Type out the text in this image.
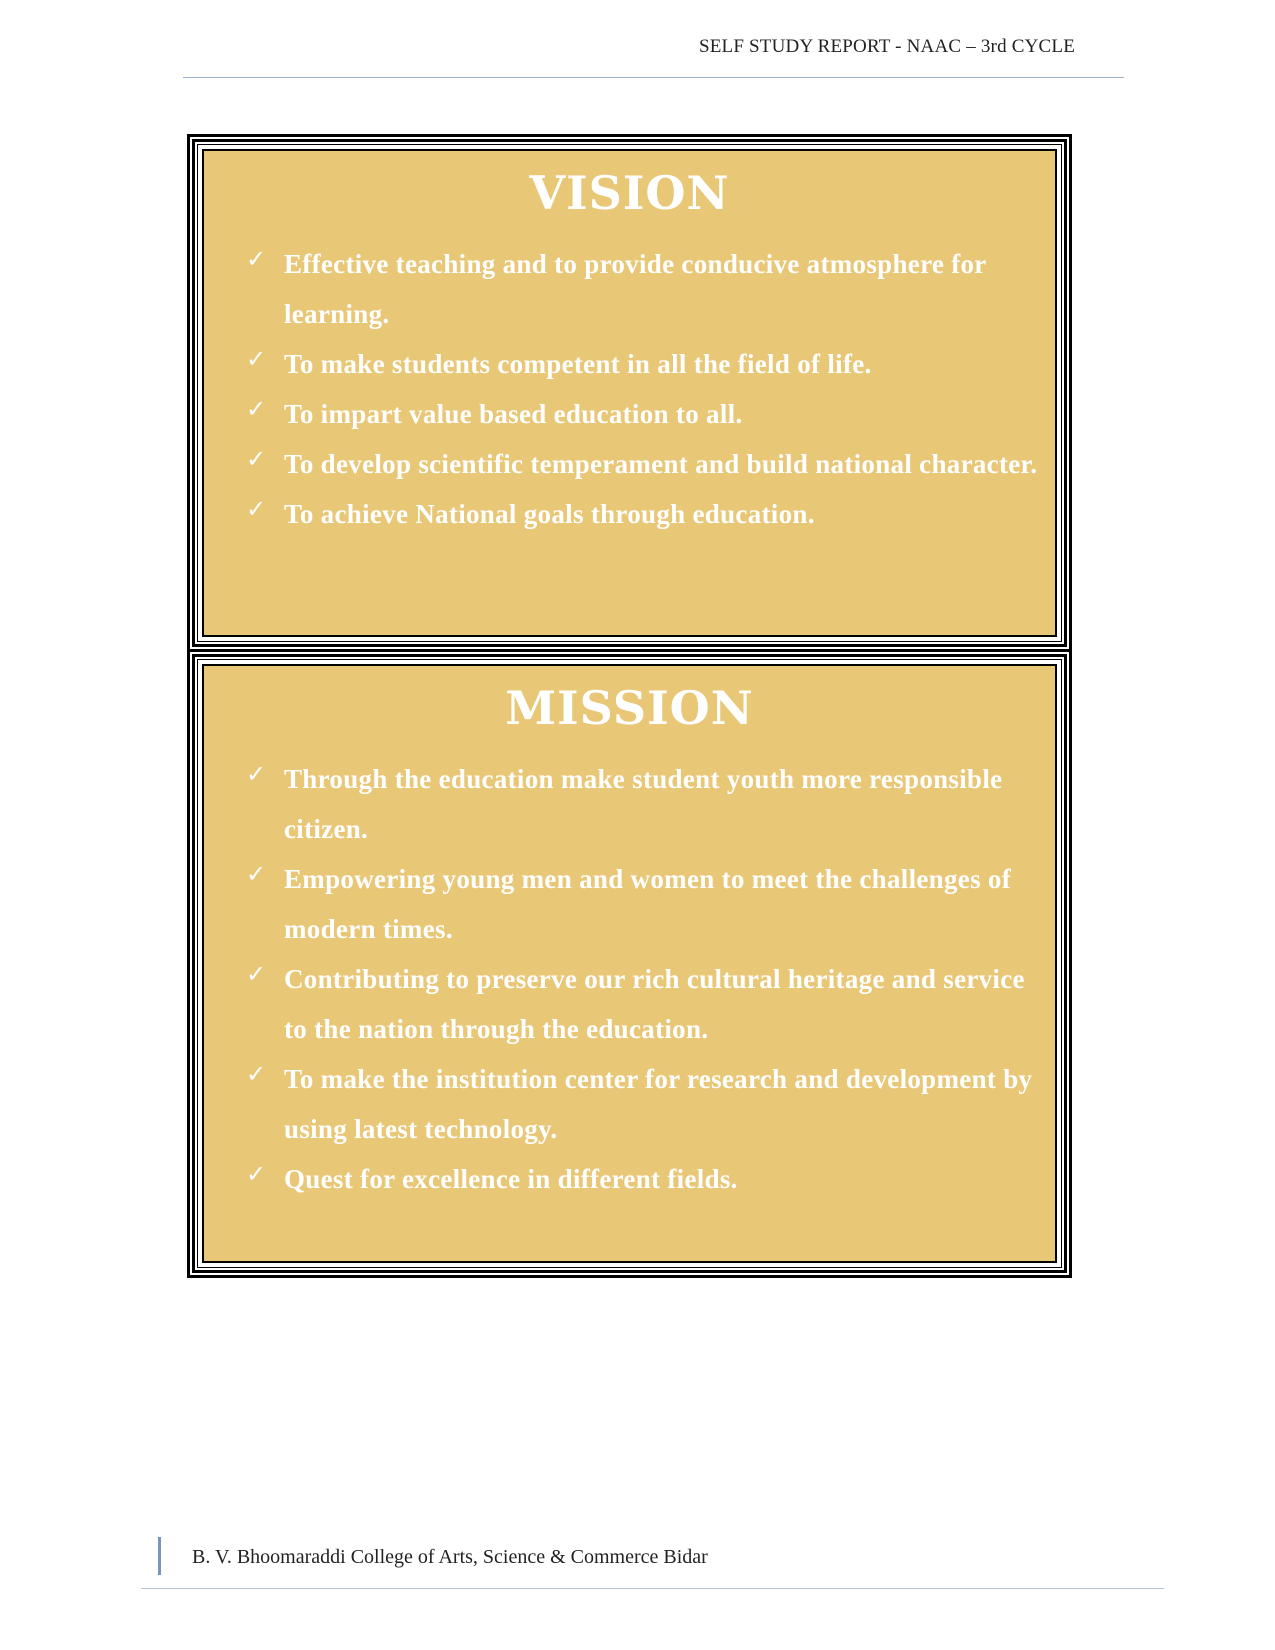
SELF STUDY REPORT - NAAC – 3rd CYCLE
VISION
✓ Effective teaching and to provide conducive atmosphere for learning.
✓ To make students competent in all the field of life.
✓ To impart value based education to all.
✓ To develop scientific temperament and build national character.
✓ To achieve National goals through education.
MISSION
✓ Through the education make student youth more responsible citizen.
✓ Empowering young men and women to meet the challenges of modern times.
✓ Contributing to preserve our rich cultural heritage and service to the nation through the education.
✓ To make the institution center for research and development by using latest technology.
✓ Quest for excellence in different fields.
B. V. Bhoomaraddi College of Arts, Science & Commerce Bidar
